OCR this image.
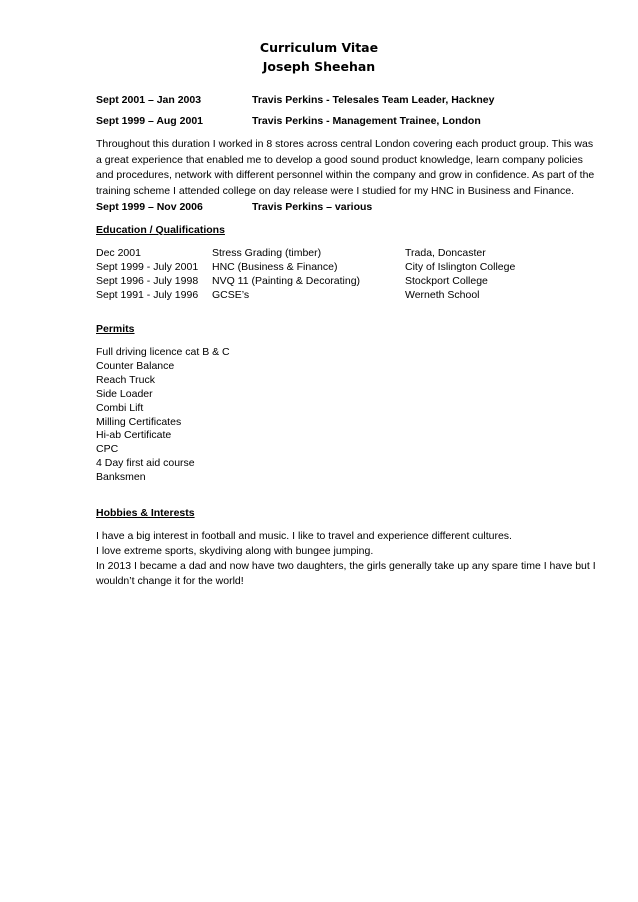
Curriculum Vitae
Joseph Sheehan
Sept 2001 – Jan 2003	Travis Perkins - Telesales Team Leader, Hackney
Sept 1999 – Aug 2001	Travis Perkins - Management Trainee, London
Throughout this duration I worked in 8 stores across central London covering each product group. This was
a great experience that enabled me to develop a good sound product knowledge, learn company policies
and procedures, network with different personnel within the company and grow in confidence. As part of the
training scheme I attended college on day release were I studied for my HNC in Business and Finance.
Sept 1999 – Nov 2006	Travis Perkins – various
Education / Qualifications
Dec 2001	Stress Grading (timber)	Trada, Doncaster
Sept 1999 - July 2001 HNC (Business & Finance)	City of Islington College
Sept 1996 - July 1998 NVQ 11 (Painting & Decorating)	Stockport College
Sept 1991 - July 1996 GCSE’s	Werneth School
Permits
Full driving licence cat B & C
Counter Balance
Reach Truck
Side Loader
Combi Lift
Milling Certificates
Hi-ab Certificate
CPC
4 Day first aid course
Banksmen
Hobbies & Interests
I have a big interest in football and music. I like to travel and experience different cultures.
I love extreme sports, skydiving along with bungee jumping.
In 2013 I became a dad and now have two daughters, the girls generally take up any spare time I have but I
wouldn’t change it for the world!
